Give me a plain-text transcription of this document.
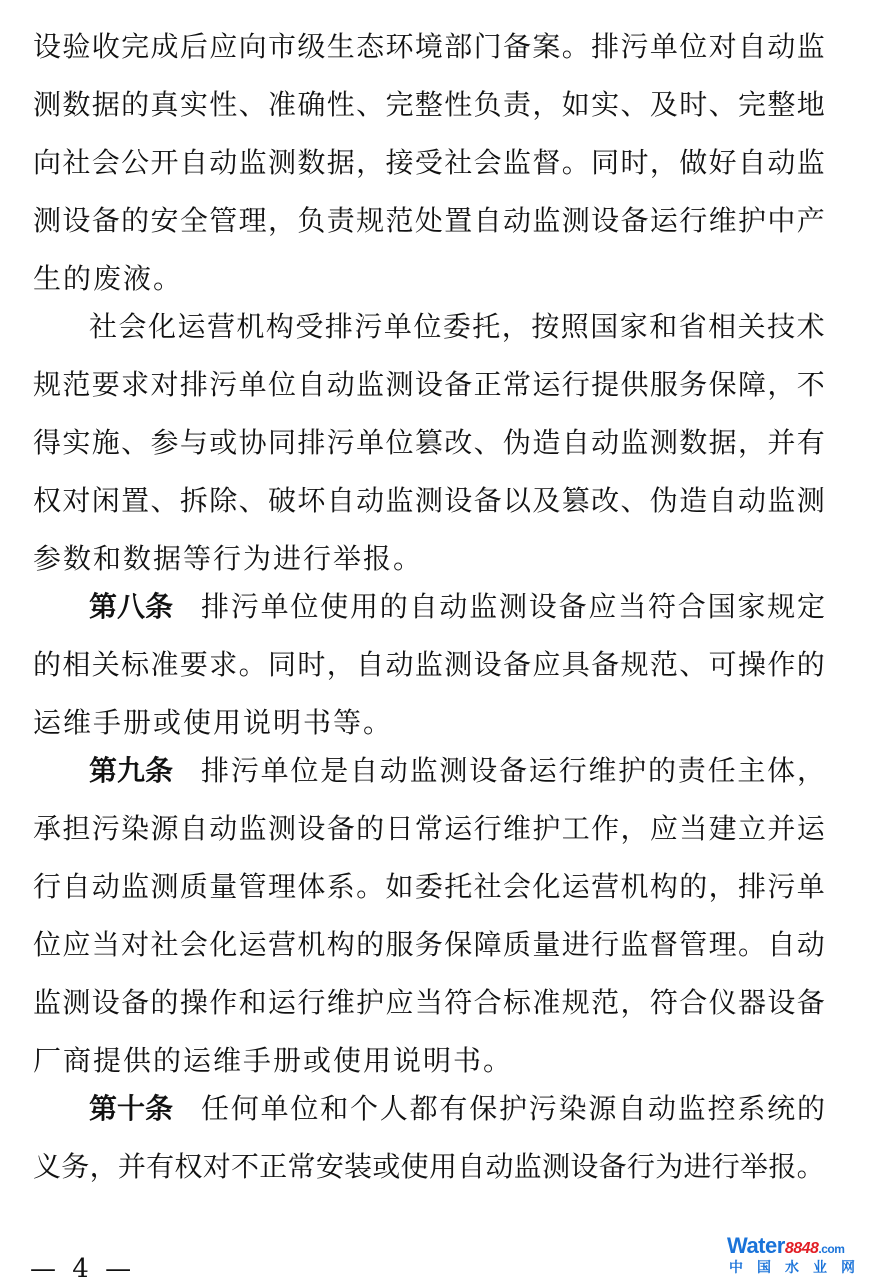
设 验 收 完 成 后 应 向 市 级 生 态 环 境 部 门 备 案 。 排 污 单 位 对 自 动 监
测 数 据 的 真 实 性 、 准 确 性 、 完 整 性 负 责 ， 如 实 、 及 时 、 完 整 地
向 社 会 公 开 自 动 监 测 数 据 ， 接 受 社 会 监 督 。 同 时 ， 做 好 自 动 监
测 设 备 的 安 全 管 理 ， 负 责 规 范 处 置 自 动 监 测 设 备 运 行 维 护 中 产
生的废液。
社 会 化 运 营 机 构 受 排 污 单 位 委 托 ， 按 照 国 家 和 省 相 关 技 术
规 范 要 求 对 排 污 单 位 自 动 监 测 设 备 正 常 运 行 提 供 服 务 保 障 ， 不
得 实 施 、 参 与 或 协 同 排 污 单 位 篡 改 、 伪 造 自 动 监 测 数 据 ， 并 有
权 对 闲 置 、 拆 除 、 破 坏 自 动 监 测 设 备 以 及 篡 改 、 伪 造 自 动 监 测
参数和数据等行为进行举报。
第八条 排 污 单 位 使 用 的 自 动 监 测 设 备 应 当 符 合 国 家 规 定
的 相 关 标 准 要 求 。 同 时 ， 自 动 监 测 设 备 应 具 备 规 范 、 可 操 作 的
运维手册或使用说明书等。
第九条 排 污 单 位 是 自 动 监 测 设 备 运 行 维 护 的 责 任 主 体 ，
承 担 污 染 源 自 动 监 测 设 备 的 日 常 运 行 维 护 工 作 ， 应 当 建 立 并 运
行 自 动 监 测 质 量 管 理 体 系 。 如 委 托 社 会 化 运 营 机 构 的 ， 排 污 单
位 应 当 对 社 会 化 运 营 机 构 的 服 务 保 障 质 量 进 行 监 督 管 理 。 自 动
监 测 设 备 的 操 作 和 运 行 维 护 应 当 符 合 标 准 规 范 ， 符 合 仪 器 设 备
厂商提供的运维手册或使用说明书。
第十条 任 何 单 位 和 个 人 都 有 保 护 污 染 源 自 动 监 控 系 统 的
义 务 ， 并 有 权 对 不 正 常 安 装 或 使 用 自 动 监 测 设 备 行 为 进 行 举 报 。
— 4 —
Water8848.com
中国水业网
